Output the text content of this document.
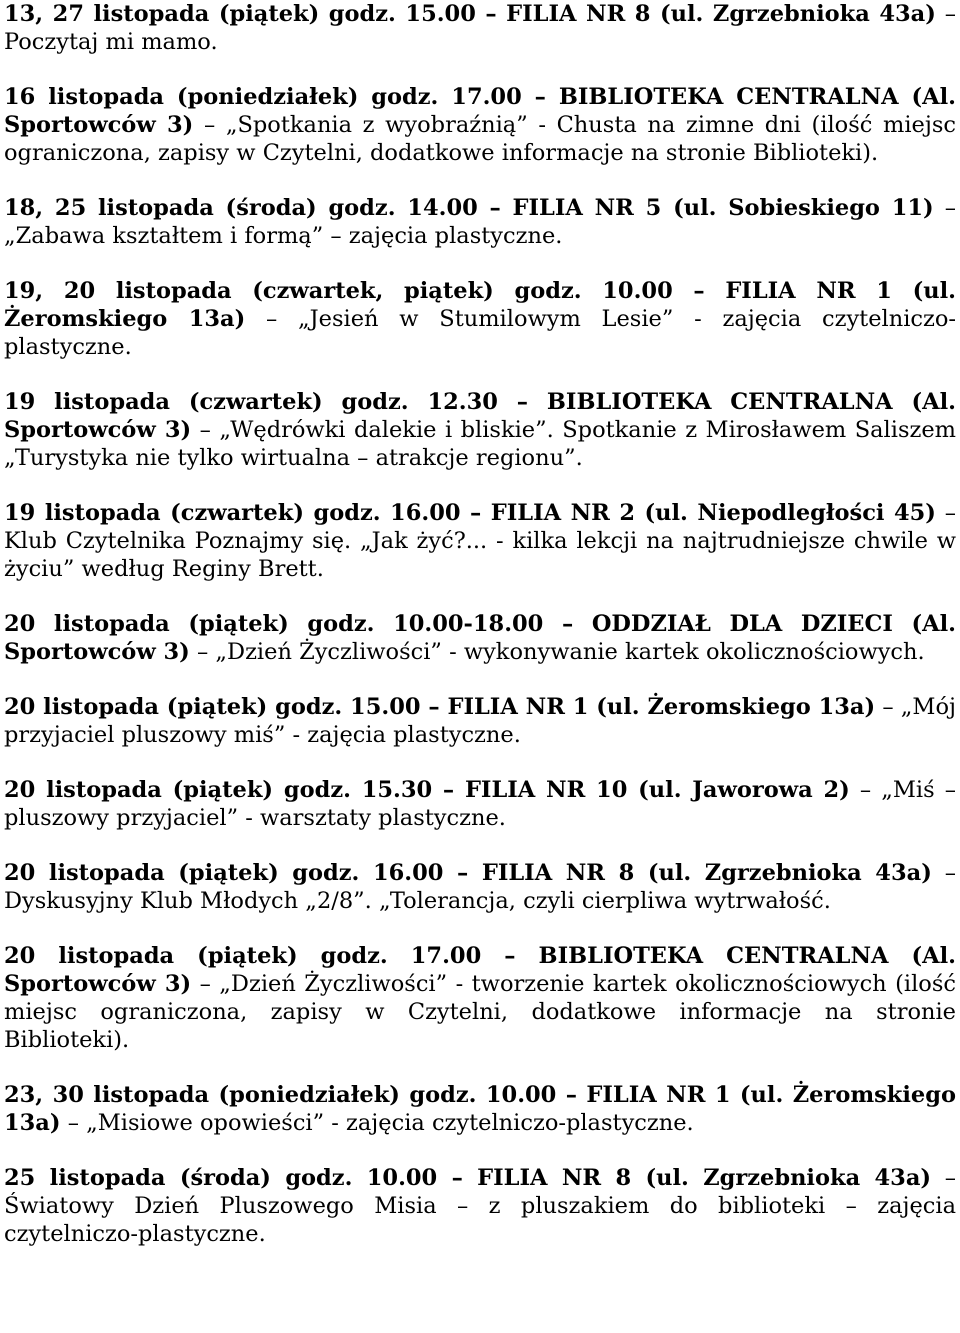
13, 27 listopada (piątek) godz. 15.00 – FILIA NR 8 (ul. Zgrzebnioka 43a) – Poczytaj mi mamo.

16 listopada (poniedziałek) godz. 17.00 – BIBLIOTEKA CENTRALNA (Al. Sportowców 3) – „Spotkania z wyobraźnią” - Chusta na zimne dni (ilość miejsc ograniczona, zapisy w Czytelni, dodatkowe informacje na stronie Biblioteki).

18, 25 listopada (środa) godz. 14.00 – FILIA NR 5 (ul. Sobieskiego 11) – „Zabawa kształtem i formą” – zajęcia plastyczne.

19, 20 listopada (czwartek, piątek) godz. 10.00 – FILIA NR 1 (ul. Żeromskiego 13a) – „Jesień w Stumilowym Lesie” - zajęcia czytelniczo-plastyczne.

19 listopada (czwartek) godz. 12.30 – BIBLIOTEKA CENTRALNA (Al. Sportowców 3) – „Wędrówki dalekie i bliskie”. Spotkanie z Mirosławem Saliszem „Turystyka nie tylko wirtualna – atrakcje regionu”.

19 listopada (czwartek) godz. 16.00 – FILIA NR 2 (ul. Niepodległości 45) – Klub Czytelnika Poznajmy się. „Jak żyć?... - kilka lekcji na najtrudniejsze chwile w życiu” według Reginy Brett.

20 listopada (piątek) godz. 10.00-18.00 – ODDZIAŁ DLA DZIECI (Al. Sportowców 3) – „Dzień Życzliwości” - wykonywanie kartek okolicznościowych.

20 listopada (piątek) godz. 15.00 – FILIA NR 1 (ul. Żeromskiego 13a) – „Mój przyjaciel pluszowy miś” - zajęcia plastyczne.

20 listopada (piątek) godz. 15.30 – FILIA NR 10 (ul. Jaworowa 2) – „Miś – pluszowy przyjaciel” - warsztaty plastyczne.

20 listopada (piątek) godz. 16.00 – FILIA NR 8 (ul. Zgrzebnioka 43a) – Dyskusyjny Klub Młodych „2/8”. „Tolerancja, czyli cierpliwa wytrwałość.

20 listopada (piątek) godz. 17.00 – BIBLIOTEKA CENTRALNA (Al. Sportowców 3) – „Dzień Życzliwości” - tworzenie kartek okolicznościowych (ilość miejsc ograniczona, zapisy w Czytelni, dodatkowe informacje na stronie Biblioteki).

23, 30 listopada (poniedziałek) godz. 10.00 – FILIA NR 1 (ul. Żeromskiego 13a) – „Misiowe opowieści” - zajęcia czytelniczo-plastyczne.

25 listopada (środa) godz. 10.00 – FILIA NR 8 (ul. Zgrzebnioka 43a) – Światowy Dzień Pluszowego Misia – z pluszakiem do biblioteki – zajęcia czytelniczo-plastyczne.
